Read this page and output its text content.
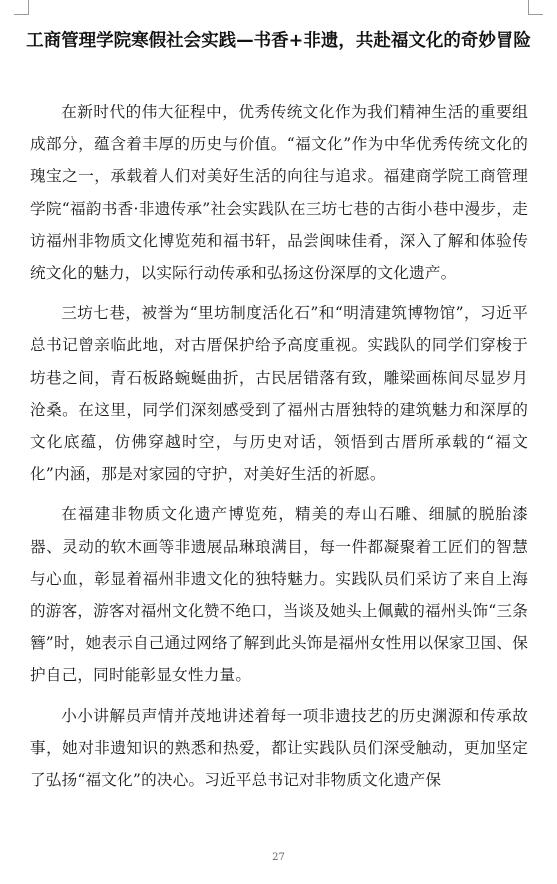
工商管理学院寒假社会实践—书香+非遗，共赴福文化的奇妙冒险

在新时代的伟大征程中，优秀传统文化作为我们精神生活的重要组成部分，蕴含着丰厚的历史与价值。“福文化”作为中华优秀传统文化的瑰宝之一，承载着人们对美好生活的向往与追求。福建商学院工商管理学院“福韵书香·非遗传承”社会实践队在三坊七巷的古街小巷中漫步，走访福州非物质文化博览苑和福书轩，品尝闽味佳肴，深入了解和体验传统文化的魅力，以实际行动传承和弘扬这份深厚的文化遗产。

三坊七巷，被誉为“里坊制度活化石”和“明清建筑博物馆”，习近平总书记曾亲临此地，对古厝保护给予高度重视。实践队的同学们穿梭于坊巷之间，青石板路蜿蜒曲折，古民居错落有致，雕梁画栋间尽显岁月沧桑。在这里，同学们深刻感受到了福州古厝独特的建筑魅力和深厚的文化底蕴，仿佛穿越时空，与历史对话，领悟到古厝所承载的“福文化”内涵，那是对家园的守护，对美好生活的祈愿。

在福建非物质文化遗产博览苑，精美的寿山石雕、细腻的脱胎漆器、灵动的软木画等非遗展品琳琅满目，每一件都凝聚着工匠们的智慧与心血，彰显着福州非遗文化的独特魅力。实践队员们采访了来自上海的游客，游客对福州文化赞不绝口，当谈及她头上佩戴的福州头饰“三条簪”时，她表示自己通过网络了解到此头饰是福州女性用以保家卫国、保护自己，同时能彰显女性力量。

小小讲解员声情并茂地讲述着每一项非遗技艺的历史渊源和传承故事，她对非遗知识的熟悉和热爱，都让实践队员们深受触动，更加坚定了弘扬“福文化”的决心。习近平总书记对非物质文化遗产保

27
